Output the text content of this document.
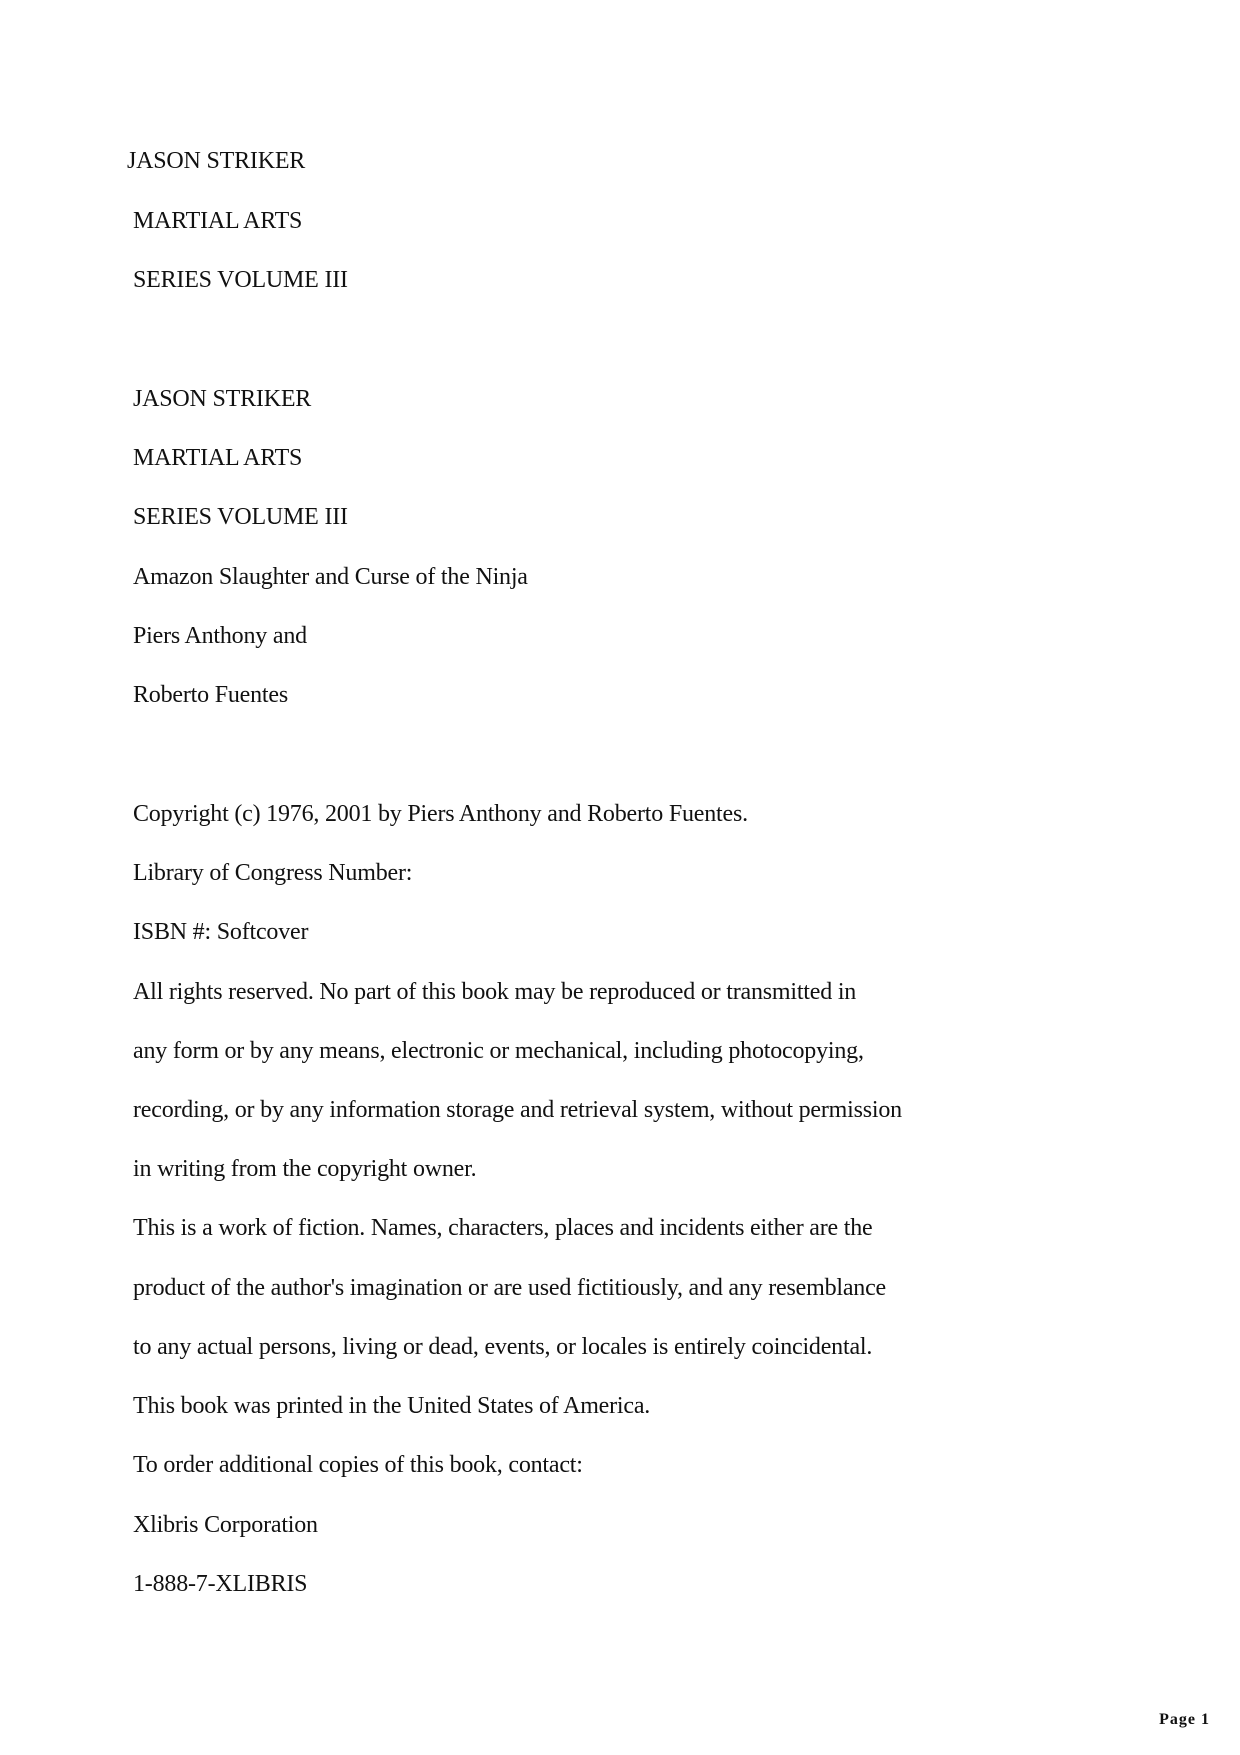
JASON STRIKER
MARTIAL ARTS
SERIES VOLUME III
JASON STRIKER
MARTIAL ARTS
SERIES VOLUME III
Amazon Slaughter and Curse of the Ninja
Piers Anthony and
Roberto Fuentes
Copyright (c) 1976, 2001 by Piers Anthony and Roberto Fuentes.
Library of Congress Number:
ISBN #: Softcover
All rights reserved. No part of this book may be reproduced or transmitted in
any form or by any means, electronic or mechanical, including photocopying,
recording, or by any information storage and retrieval system, without permission
in writing from the copyright owner.
This is a work of fiction. Names, characters, places and incidents either are the
product of the author's imagination or are used fictitiously, and any resemblance
to any actual persons, living or dead, events, or locales is entirely coincidental.
This book was printed in the United States of America.
To order additional copies of this book, contact:
Xlibris Corporation
1-888-7-XLIBRIS
Page 1
